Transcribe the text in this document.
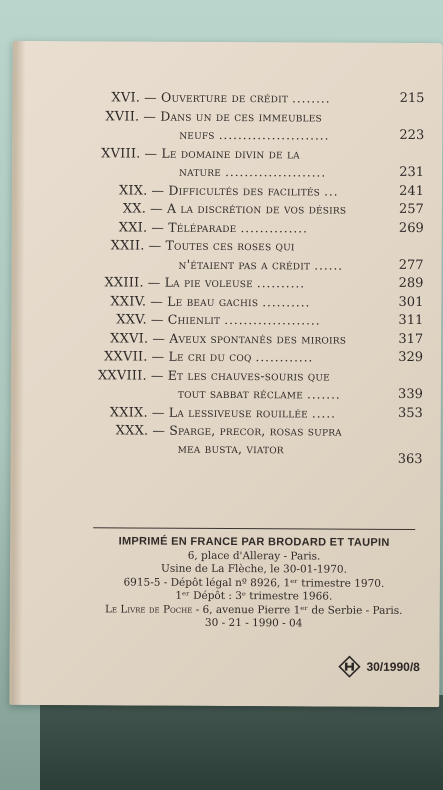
XVI. — Ouverture de crédit ........	215
XVII. — Dans un de ces immeubles
neufs .......................	223
XVIII. — Le domaine divin de la
nature .....................	231
XIX. — Difficultés des facilités ...	241
XX. — A la discrétion de vos désirs	257
XXI. — Téléparade ..............	269
XXII. — Toutes ces roses qui
n'étaient pas a crédit ......	277
XXIII. — La pie voleuse ..........	289
XXIV. — Le beau gachis ..........	301
XXV. — Chienlit ....................	311
XXVI. — Aveux spontanés des miroirs	317
XXVII. — Le cri du coq ............	329
XXVIII. — Et les chauves-souris que
tout sabbat réclame .......	339
XXIX. — La lessiveuse rouillée .....	353
XXX. — Sparge, precor, rosas supra
mea busta, viator
363
IMPRIMÉ EN FRANCE PAR BRODARD ET TAUPIN
6, place d'Alleray - Paris.
Usine de La Flèche, le 30-01-1970.
6915-5 - Dépôt légal nº 8926, 1ᵉʳ trimestre 1970.
1ᵉʳ Dépôt : 3ᵉ trimestre 1966.
Le Livre de Poche - 6, avenue Pierre 1ᵉʳ de Serbie - Paris.
30 - 21 - 1990 - 04
30/1990/8
